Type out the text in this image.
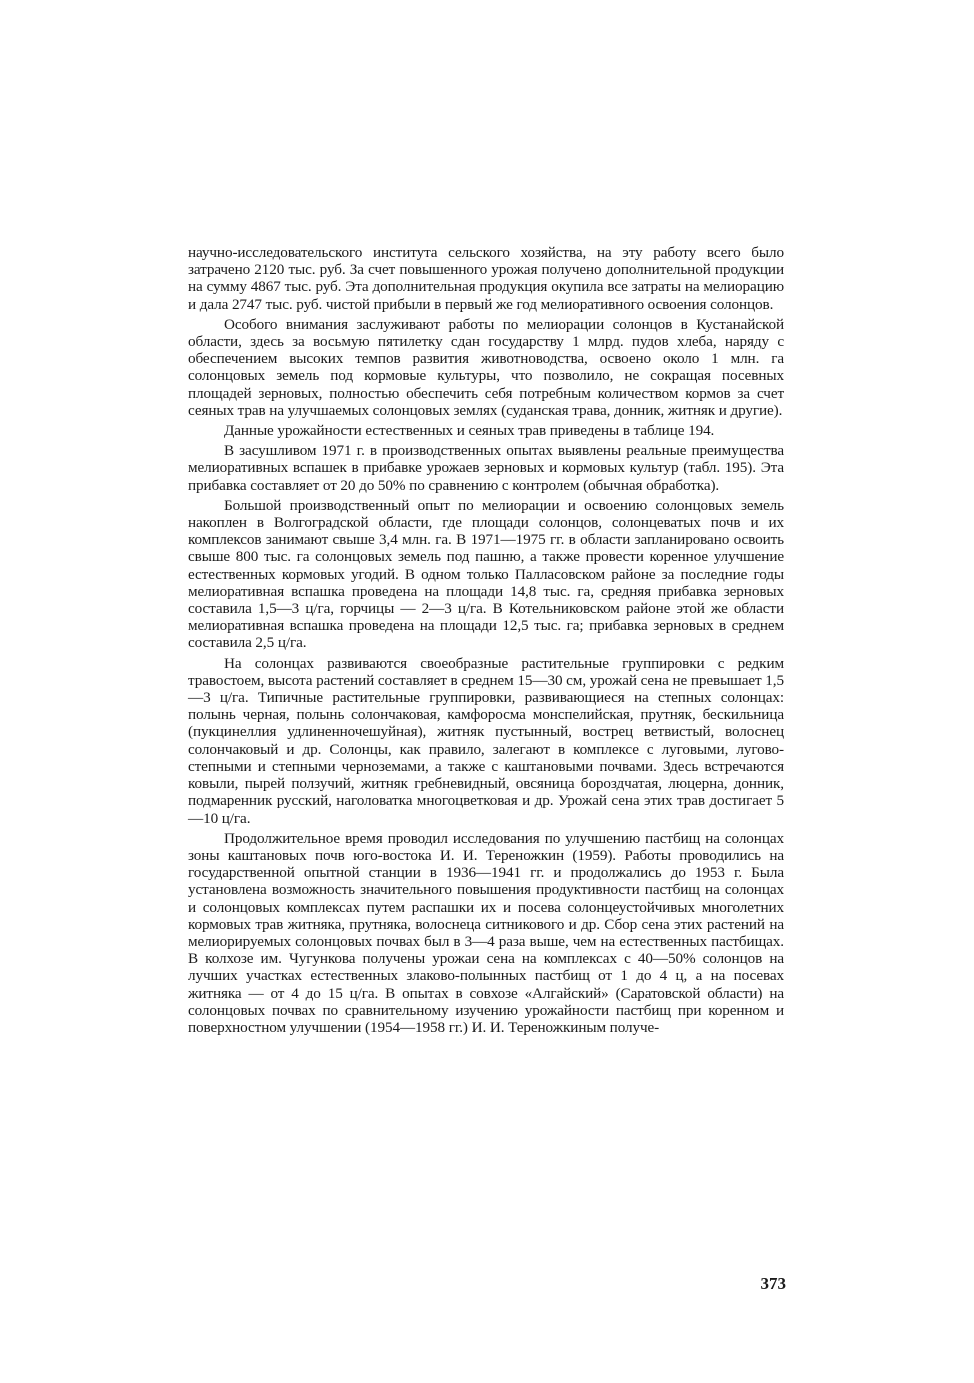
научно-исследовательского института сельского хозяйства, на эту работу всего было затрачено 2120 тыс. руб. За счет повышенного урожая получено дополнительной продукции на сумму 4867 тыс. руб. Эта дополнительная продукция окупила все затраты на мелиорацию и дала 2747 тыс. руб. чистой прибыли в первый же год мелиоративного освоения солонцов.

Особого внимания заслуживают работы по мелиорации солонцов в Кустанайской области, здесь за восьмую пятилетку сдан государству 1 млрд. пудов хлеба, наряду с обеспечением высоких темпов развития животноводства, освоено около 1 млн. га солонцовых земель под кормовые культуры, что позволило, не сокращая посевных площадей зерновых, полностью обеспечить себя потребным количеством кормов за счет сеяных трав на улучшаемых солонцовых землях (суданская трава, донник, житняк и другие).

Данные урожайности естественных и сеяных трав приведены в таблице 194.

В засушливом 1971 г. в производственных опытах выявлены реальные преимущества мелиоративных вспашек в прибавке урожаев зерновых и кормовых культур (табл. 195). Эта прибавка составляет от 20 до 50% по сравнению с контролем (обычная обработка).

Большой производственный опыт по мелиорации и освоению солонцовых земель накоплен в Волгоградской области, где площади солонцов, солонцеватых почв и их комплексов занимают свыше 3,4 млн. га. В 1971—1975 гг. в области запланировано освоить свыше 800 тыс. га солонцовых земель под пашню, а также провести коренное улучшение естественных кормовых угодий. В одном только Палласовском районе за последние годы мелиоративная вспашка проведена на площади 14,8 тыс. га, средняя прибавка зерновых составила 1,5—3 ц/га, горчицы — 2—3 ц/га. В Котельниковском районе этой же области мелиоративная вспашка проведена на площади 12,5 тыс. га; прибавка зерновых в среднем составила 2,5 ц/га.

На солонцах развиваются своеобразные растительные группировки с редким травостоем, высота растений составляет в среднем 15—30 см, урожай сена не превышает 1,5—3 ц/га. Типичные растительные группировки, развивающиеся на степных солонцах: полынь черная, полынь солончаковая, камфоросма монспелийская, прутняк, бескильница (пукцинеллия удлиненночешуйная), житняк пустынный, вострец ветвистый, волоснец солончаковый и др. Солонцы, как правило, залегают в комплексе с луговыми, лугово-степными и степными черноземами, а также с каштановыми почвами. Здесь встречаются ковыли, пырей ползучий, житняк гребневидный, овсяница бороздчатая, люцерна, донник, подмаренник русский, наголоватка многоцветковая и др. Урожай сена этих трав достигает 5—10 ц/га.

Продолжительное время проводил исследования по улучшению пастбищ на солонцах зоны каштановых почв юго-востока И. И. Тереножкин (1959). Работы проводились на государственной опытной станции в 1936—1941 гг. и продолжались до 1953 г. Была установлена возможность значительного повышения продуктивности пастбищ на солонцах и солонцовых комплексах путем распашки их и посева солонцеустойчивых многолетних кормовых трав житняка, прутняка, волоснеца ситникового и др. Сбор сена этих растений на мелиорируемых солонцовых почвах был в 3—4 раза выше, чем на естественных пастбищах. В колхозе им. Чугункова получены урожаи сена на комплексах с 40—50% солонцов на лучших участках естественных злаково-полынных пастбищ от 1 до 4 ц, а на посевах житняка — от 4 до 15 ц/га. В опытах в совхозе «Алгайский» (Саратовской области) на солонцовых почвах по сравнительному изучению урожайности пастбищ при коренном и поверхностном улучшении (1954—1958 гг.) И. И. Тереножкиным получе-

373
